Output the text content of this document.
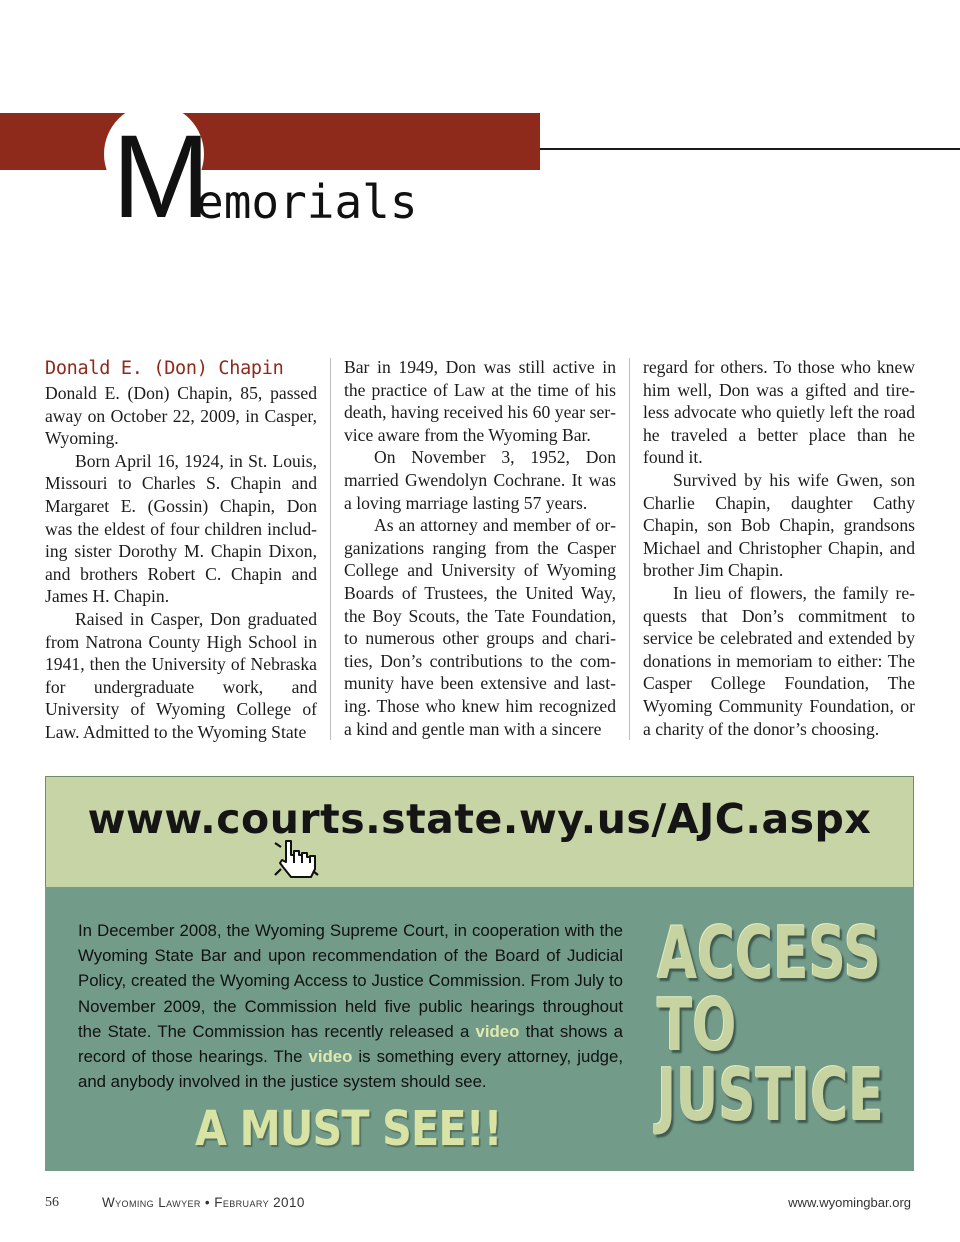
M
emorials
Donald E. (Don) Chapin

Donald E. (Don) Chapin, 85, passed away on October 22, 2009, in Casper, Wyoming.

Born April 16, 1924, in St. Louis, Missouri to Charles S. Chapin and Margaret E. (Gossin) Chapin, Don was the eldest of four children including sister Dorothy M. Chapin Dixon, and brothers Robert C. Chapin and James H. Chapin.

Raised in Casper, Don graduated from Natrona County High School in 1941, then the University of Nebraska for undergraduate work, and University of Wyoming College of Law. Admitted to the Wyoming State

Bar in 1949, Don was still active in the practice of Law at the time of his death, having received his 60 year service aware from the Wyoming Bar.

On November 3, 1952, Don married Gwendolyn Cochrane. It was a loving marriage lasting 57 years.

As an attorney and member of organizations ranging from the Casper College and University of Wyoming Boards of Trustees, the United Way, the Boy Scouts, the Tate Foundation, to numerous other groups and charities, Don’s contributions to the community have been extensive and lasting. Those who knew him recognized a kind and gentle man with a sincere

regard for others. To those who knew him well, Don was a gifted and tireless advocate who quietly left the road he traveled a better place than he found it.

Survived by his wife Gwen, son Charlie Chapin, daughter Cathy Chapin, son Bob Chapin, grandsons Michael and Christopher Chapin, and brother Jim Chapin.

In lieu of flowers, the family requests that Don’s commitment to service be celebrated and extended by donations in memoriam to either: The Casper College Foundation, The Wyoming Community Foundation, or a charity of the donor’s choosing.

www.courts.state.wy.us/AJC.aspx

In December 2008, the Wyoming Supreme Court, in cooperation with the Wyoming State Bar and upon recommendation of the Board of Judicial Policy, created the Wyoming Access to Justice Commission. From July to November 2009, the Commission held five public hearings throughout the State. The Commission has recently released a video that shows a record of those hearings. The video is something every attorney, judge, and anybody involved in the justice system should see.

A MUST SEE!!
ACCESS
TO
JUSTICE
56	Wyoming Lawyer • February 2010	www.wyomingbar.org
